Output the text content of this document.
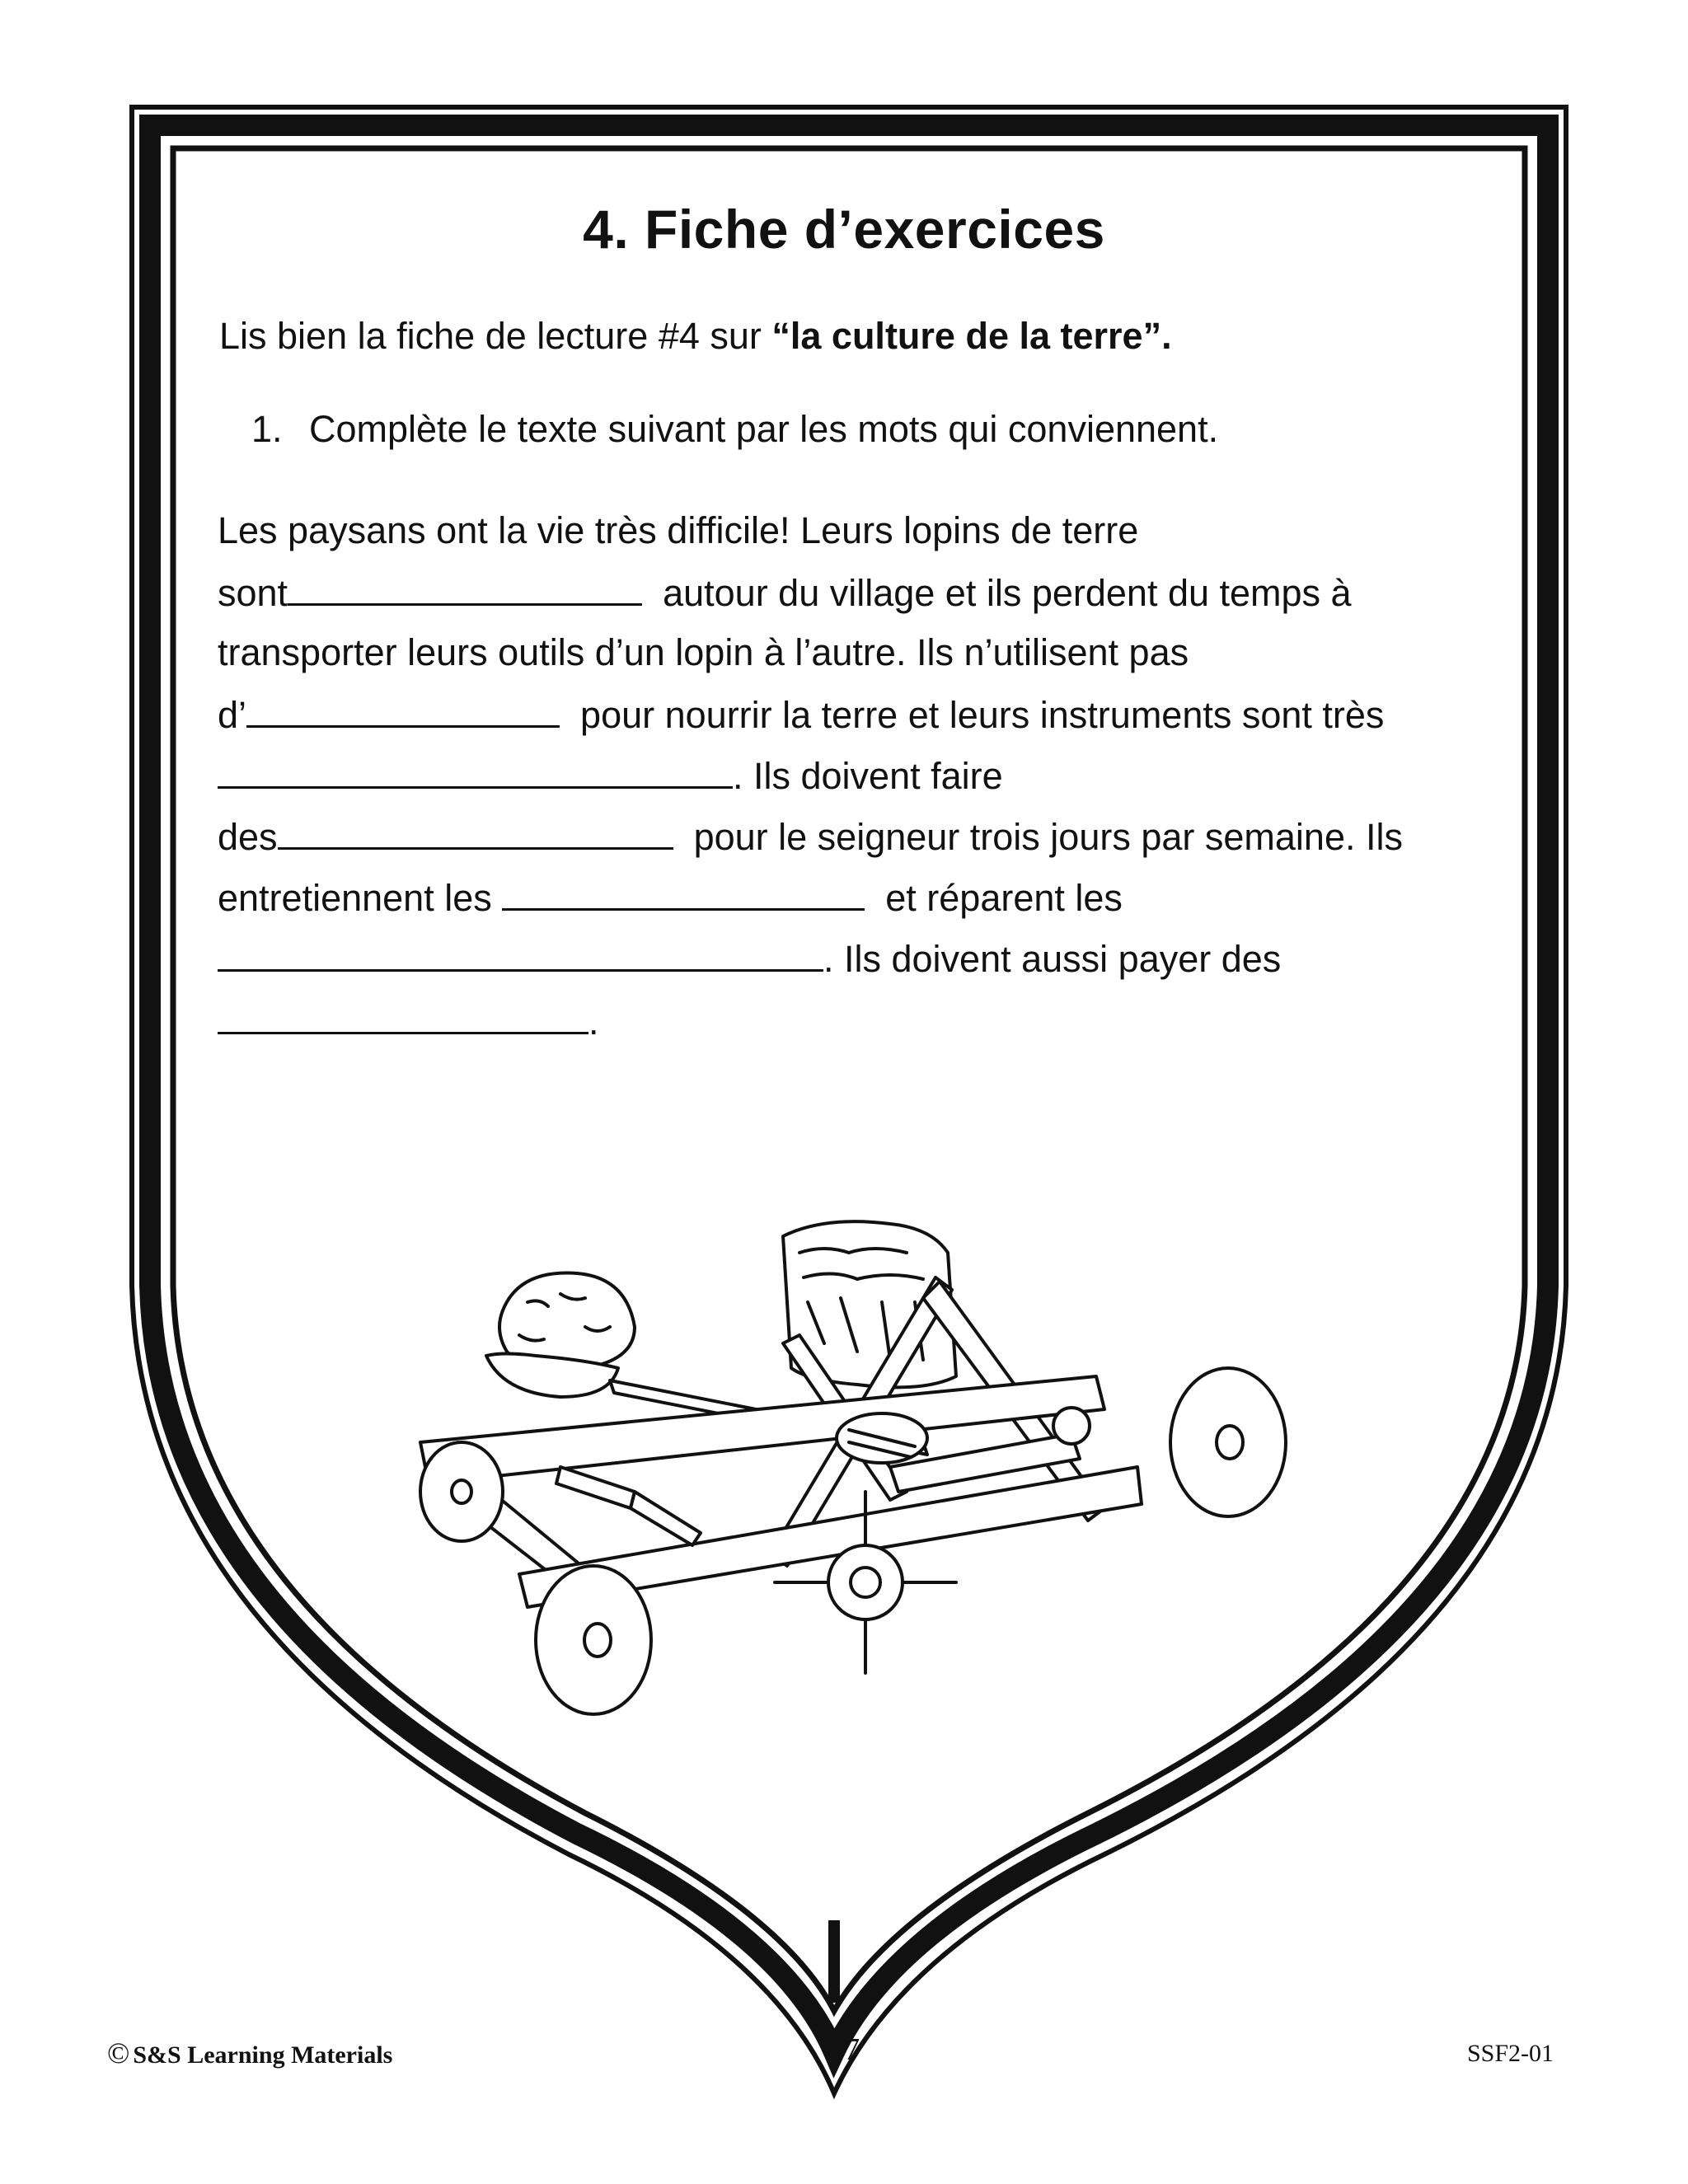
4. Fiche d’exercices
Lis bien la fiche de lecture #4 sur “la culture de la terre”.
1. Complète le texte suivant par les mots qui conviennent.
Les paysans ont la vie très difficile! Leurs lopins de terre
sont	autour du village et ils perdent du temps à
transporter leurs outils d’un lopin à l’autre. Ils n’utilisent pas
d’	pour nourrir la terre et leurs instruments sont très
. Ils doivent faire
des	pour le seigneur trois jours par semaine. Ils
entretiennent les	et réparent les
. Ils doivent aussi payer des
.
© S&S Learning Materials	37	SSF2-01
